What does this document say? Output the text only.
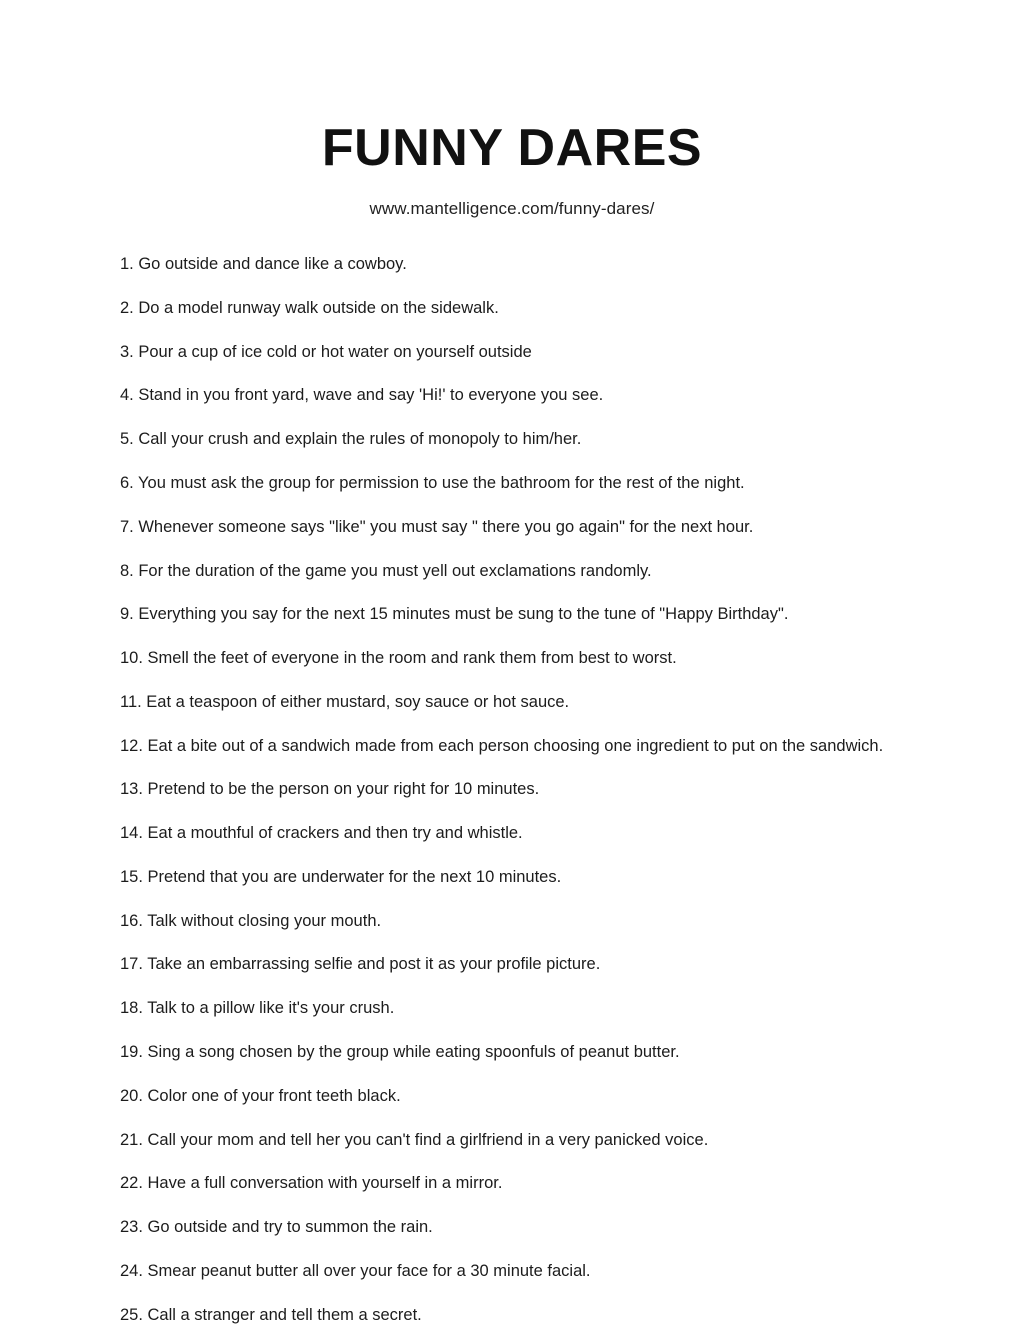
FUNNY DARES

www.mantelligence.com/funny-dares/

1. Go outside and dance like a cowboy.
2. Do a model runway walk outside on the sidewalk.
3. Pour a cup of ice cold or hot water on yourself outside
4. Stand in you front yard, wave and say 'Hi!' to everyone you see.
5. Call your crush and explain the rules of monopoly to him/her.
6. You must ask the group for permission to use the bathroom for the rest of the night.
7. Whenever someone says "like" you must say " there you go again" for the next hour.
8. For the duration of the game you must yell out exclamations randomly.
9. Everything you say for the next 15 minutes must be sung to the tune of "Happy Birthday".
10. Smell the feet of everyone in the room and rank them from best to worst.
11. Eat a teaspoon of either mustard, soy sauce or hot sauce.
12. Eat a bite out of a sandwich made from each person choosing one ingredient to put on the sandwich.
13. Pretend to be the person on your right for 10 minutes.
14. Eat a mouthful of crackers and then try and whistle.
15. Pretend that you are underwater for the next 10 minutes.
16. Talk without closing your mouth.
17. Take an embarrassing selfie and post it as your profile picture.
18. Talk to a pillow like it's your crush.
19. Sing a song chosen by the group while eating spoonfuls of peanut butter.
20. Color one of your front teeth black.
21. Call your mom and tell her you can't find a girlfriend in a very panicked voice.
22. Have a full conversation with yourself in a mirror.
23. Go outside and try to summon the rain.
24. Smear peanut butter all over your face for a 30 minute facial.
25. Call a stranger and tell them a secret.
